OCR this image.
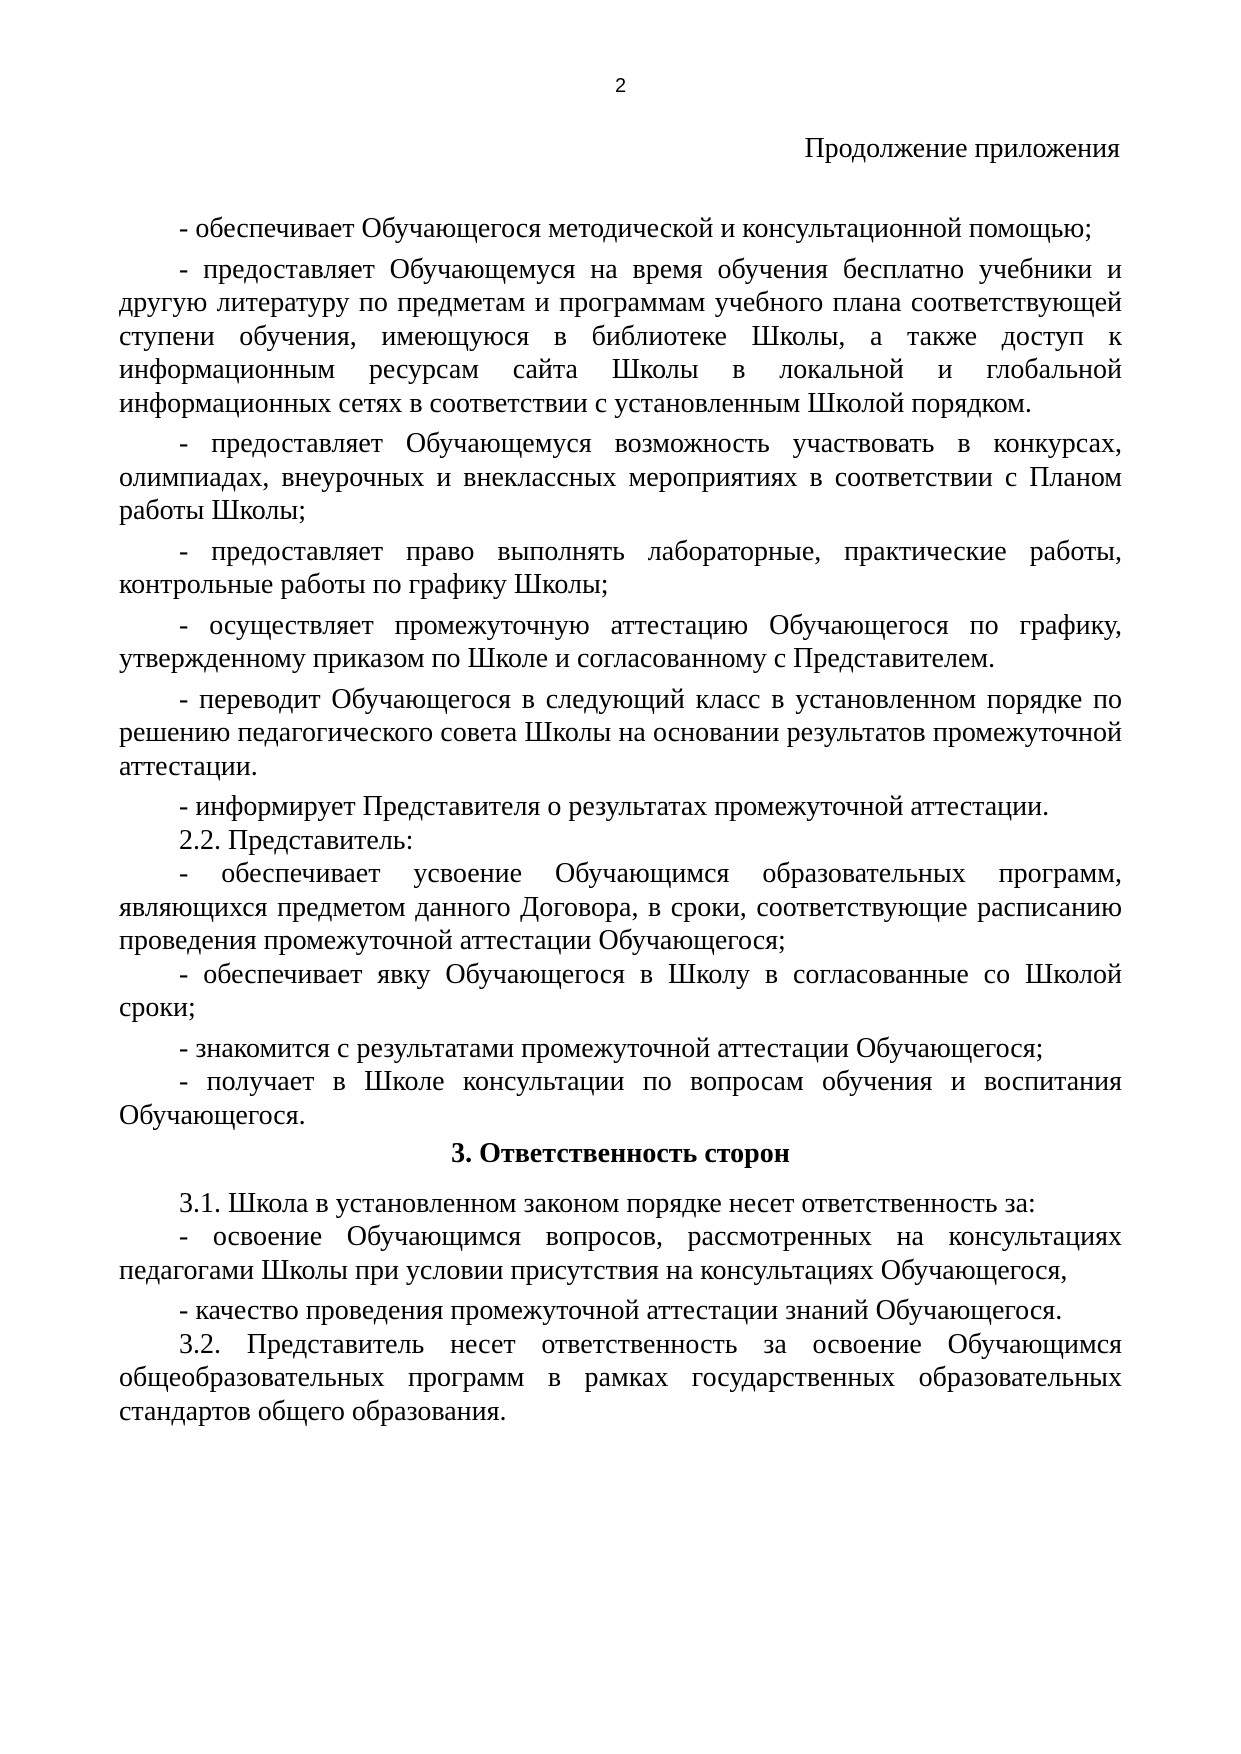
2
Продолжение приложения

- обеспечивает Обучающегося методической и консультационной помощью;

- предоставляет Обучающемуся на время обучения бесплатно учебники и другую литературу по предметам и программам учебного плана соответствующей ступени обучения, имеющуюся в библиотеке Школы, а также доступ к информационным ресурсам сайта Школы в локальной и глобальной информационных сетях в соответствии с установленным Школой порядком.

- предоставляет Обучающемуся возможность участвовать в конкурсах, олимпиадах, внеурочных и внеклассных мероприятиях в соответствии с Планом работы Школы;

- предоставляет право выполнять лабораторные, практические работы, контрольные работы по графику Школы;

- осуществляет промежуточную аттестацию Обучающегося по графику, утвержденному приказом по Школе и согласованному с Представителем.

- переводит Обучающегося в следующий класс в установленном порядке по решению педагогического совета Школы на основании результатов промежуточной аттестации.

- информирует Представителя о результатах промежуточной аттестации.

2.2. Представитель:

- обеспечивает усвоение Обучающимся образовательных программ, являющихся предметом данного Договора, в сроки, соответствующие расписанию проведения промежуточной аттестации Обучающегося;

- обеспечивает явку Обучающегося в Школу в согласованные со Школой сроки;

- знакомится с результатами промежуточной аттестации Обучающегося;

- получает в Школе консультации по вопросам обучения и воспитания Обучающегося.

3. Ответственность сторон

3.1. Школа в установленном законом порядке несет ответственность за:

- освоение Обучающимся вопросов, рассмотренных на консультациях педагогами Школы при условии присутствия на консультациях Обучающегося,

- качество проведения промежуточной аттестации знаний Обучающегося.

3.2. Представитель несет ответственность за освоение Обучающимся общеобразовательных программ в рамках государственных образовательных стандартов общего образования.
